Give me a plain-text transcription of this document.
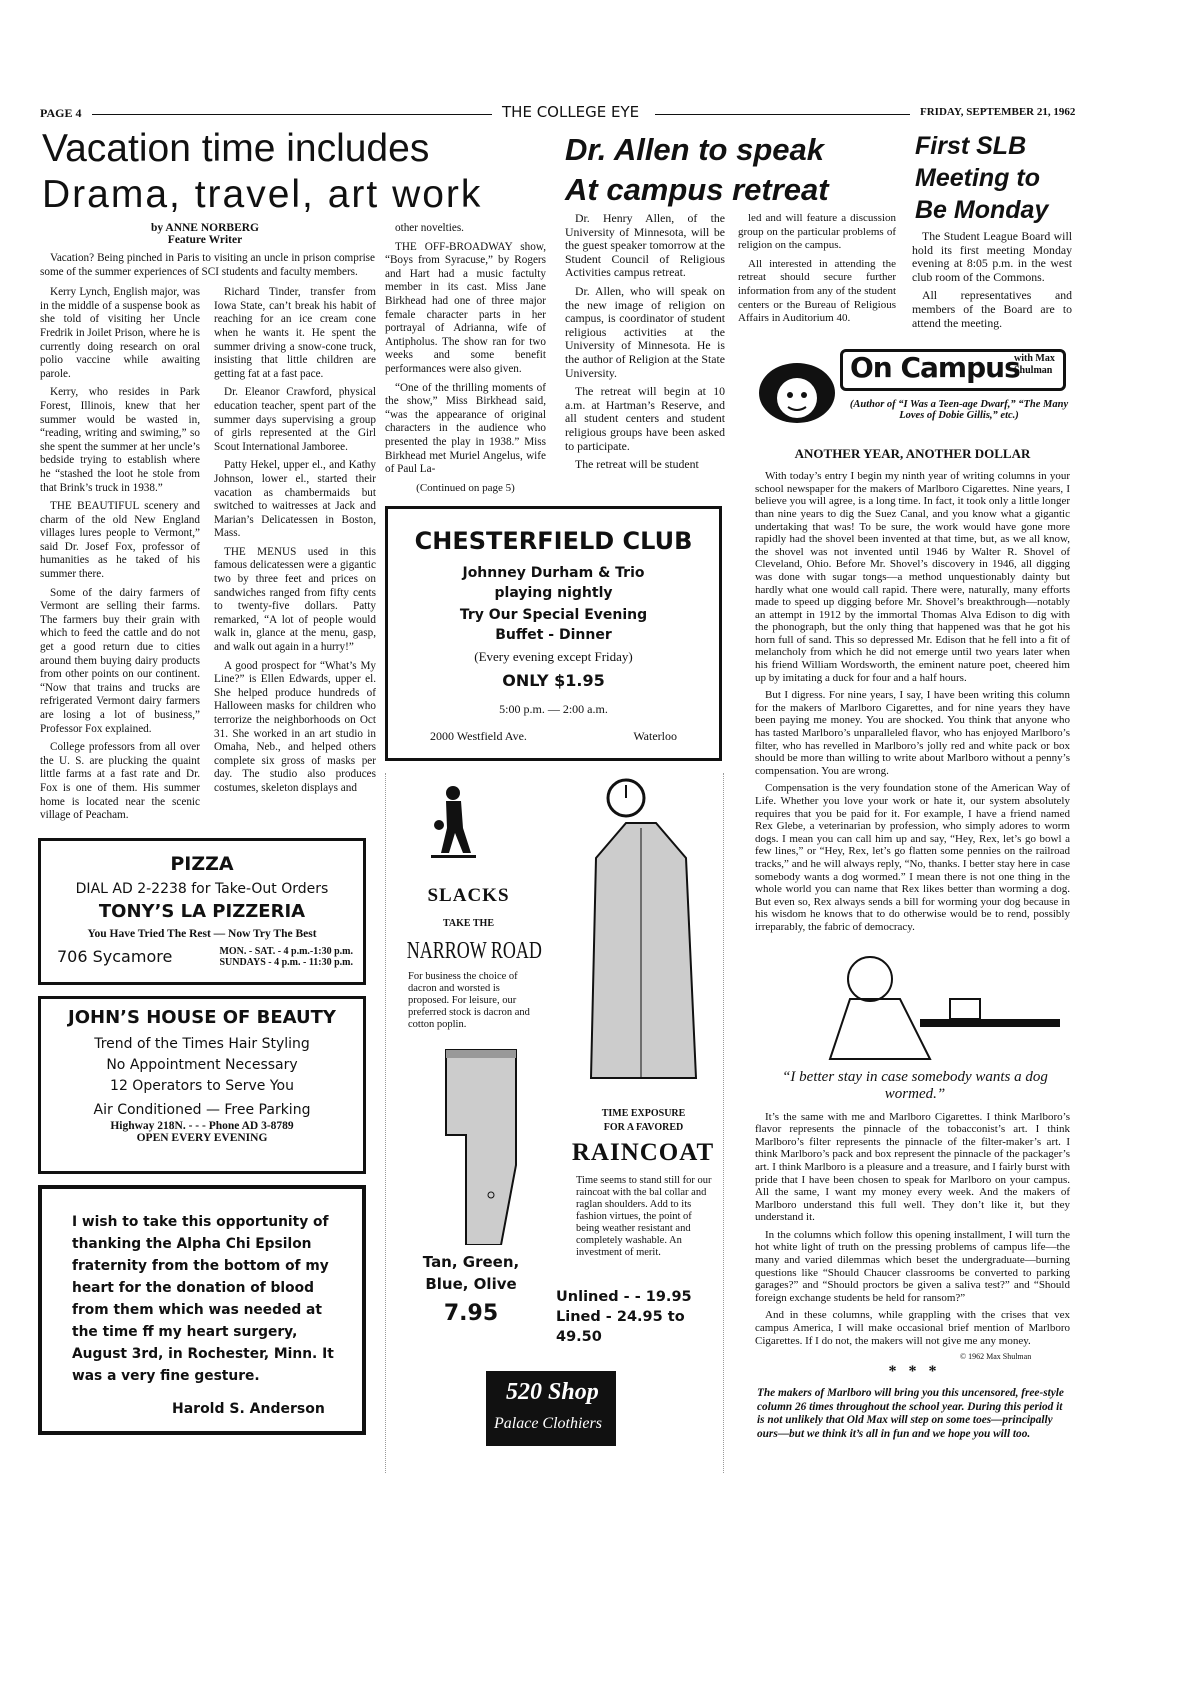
PAGE 4	THE COLLEGE EYE	FRIDAY, SEPTEMBER 21, 1962
Vacation time includes
Drama, travel, art work
Dr. Allen to speak
At campus retreat
First SLB
Meeting to
Be Monday
by ANNE NORBERG
Feature Writer

Vacation? Being pinched in Paris to visiting an uncle in prison comprise some of the summer experiences of SCI students and faculty members.

Kerry Lynch, English major, was in the middle of a suspense book as she told of visiting her Uncle Fredrik in Joilet Prison, where he is currently doing research on oral polio vaccine while awaiting parole.

Kerry, who resides in Park Forest, Illinois, knew that her summer would be wasted in, “reading, writing and swiming,” so she spent the summer at her uncle’s bedside trying to establish where he “stashed the loot he stole from that Brink’s truck in 1938.”

THE BEAUTIFUL scenery and charm of the old New England villages lures people to Vermont,” said Dr. Josef Fox, professor of humanities as he taked of his summer there.

Some of the dairy farmers of Vermont are selling their farms. The farmers buy their grain with which to feed the cattle and do not get a good return due to cities around them buying dairy products from other points on our continent. “Now that trains and trucks are refrigerated Vermont dairy farmers are losing a lot of business,” Professor Fox explained.

College professors from all over the U. S. are plucking the quaint little farms at a fast rate and Dr. Fox is one of them. His summer home is located near the scenic village of Peacham.

Richard Tinder, transfer from Iowa State, can’t break his habit of reaching for an ice cream cone when he wants it. He spent the summer driving a snow-cone truck, insisting that little children are getting fat at a fast pace.

Dr. Eleanor Crawford, physical education teacher, spent part of the summer days supervising a group of girls represented at the Girl Scout International Jamboree.

Patty Hekel, upper el., and Kathy Johnson, lower el., started their vacation as chambermaids but switched to waitresses at Jack and Marian’s Delicatessen in Boston, Mass.

THE MENUS used in this famous delicatessen were a gigantic two by three feet and prices on sandwiches ranged from fifty cents to twenty-five dollars. Patty remarked, “A lot of people would walk in, glance at the menu, gasp, and walk out again in a hurry!”

A good prospect for “What’s My Line?” is Ellen Edwards, upper el. She helped produce hundreds of Halloween masks for children who terrorize the neighborhoods on Oct 31. She worked in an art studio in Omaha, Neb., and helped others complete six gross of masks per day. The studio also produces costumes, skeleton displays and

PIZZA
DIAL AD 2-2238 for Take-Out Orders
TONY’S LA PIZZERIA
You Have Tried The Rest — Now Try The Best
706 Sycamore	MON. - SAT. - 4 p.m.-1:30 p.m.
SUNDAYS - 4 p.m. - 11:30 p.m.
JOHN’S HOUSE OF BEAUTY
Trend of the Times Hair Styling
No Appointment Necessary
12 Operators to Serve You
Air Conditioned — Free Parking
Highway 218N. - - - Phone AD 3-8789
OPEN EVERY EVENING
I wish to take this opportunity of thanking the Alpha Chi Epsilon fraternity from the bottom of my heart for the donation of blood from them which was needed at the time ff my heart surgery, August 3rd, in Rochester, Minn. It was a very fine gesture.
Harold S. Anderson

other novelties.

THE OFF-BROADWAY show, “Boys from Syracuse,” by Rogers and Hart had a music factulty member in its cast. Miss Jane Birkhead had one of three major female character parts in her portrayal of Adrianna, wife of Antipholus. The show ran for two weeks and some benefit performances were also given.

“One of the thrilling moments of the show,” Miss Birkhead said, “was the appearance of original characters in the audience who presented the play in 1938.” Miss Birkhead met Muriel Angelus, wife of Paul La-

(Continued on page 5)

Dr. Henry Allen, of the University of Minnesota, will be the guest speaker tomorrow at the Student Council of Religious Activities campus retreat.

Dr. Allen, who will speak on the new image of religion on campus, is coordinator of student religious activities at the University of Minnesota. He is the author of Religion at the State University.

The retreat will begin at 10 a.m. at Hartman’s Reserve, and all student centers and student religious groups have been asked to participate.

The retreat will be student

CHESTERFIELD CLUB
Johnney Durham & Trio
playing nightly
Try Our Special Evening
Buffet - Dinner
(Every evening except Friday)
ONLY $1.95
5:00 p.m. — 2:00 a.m.
2000 Westfield Ave.	Waterloo
SLACKS
TAKE THE
NARROW ROAD
For business the choice of dacron and worsted is proposed. For leisure, our preferred stock is dacron and cotton poplin.
Tan, Green, Blue, Olive
7.95
TIME EXPOSURE
FOR A FAVORED
RAINCOAT
Time seems to stand still for our raincoat with the bal collar and raglan shoulders. Add to its fashion virtues, the point of being weather resistant and completely washable. An investment of merit.
Unlined - - 19.95
Lined - 24.95 to 49.50
520 Shop
Palace Clothiers

led and will feature a discussion group on the particular problems of religion on the campus.

All interested in attending the retreat should secure further information from any of the student centers or the Bureau of Religious Affairs in Auditorium 40.

The Student League Board will hold its first meeting Monday evening at 8:05 p.m. in the west club room of the Commons.

All representatives and members of the Board are to attend the meeting.

On Campus
with Max Shulman
(Author of “I Was a Teen-age Dwarf,” “The Many Loves of Dobie Gillis,” etc.)
ANOTHER YEAR, ANOTHER DOLLAR

With today’s entry I begin my ninth year of writing columns in your school newspaper for the makers of Marlboro Cigarettes. Nine years, I believe you will agree, is a long time. In fact, it took only a little longer than nine years to dig the Suez Canal, and you know what a gigantic undertaking that was! To be sure, the work would have gone more rapidly had the shovel been invented at that time, but, as we all know, the shovel was not invented until 1946 by Walter R. Shovel of Cleveland, Ohio. Before Mr. Shovel’s discovery in 1946, all digging was done with sugar tongs—a method unquestionably dainty but hardly what one would call rapid. There were, naturally, many efforts made to speed up digging before Mr. Shovel’s breakthrough—notably an attempt in 1912 by the immortal Thomas Alva Edison to dig with the phonograph, but the only thing that happened was that he got his horn full of sand. This so depressed Mr. Edison that he fell into a fit of melancholy from which he did not emerge until two years later when his friend William Wordsworth, the eminent nature poet, cheered him up by imitating a duck for four and a half hours.

But I digress. For nine years, I say, I have been writing this column for the makers of Marlboro Cigarettes, and for nine years they have been paying me money. You are shocked. You think that anyone who has tasted Marlboro’s unparalleled flavor, who has enjoyed Marlboro’s filter, who has revelled in Marlboro’s jolly red and white pack or box should be more than willing to write about Marlboro without a penny’s compensation. You are wrong.

Compensation is the very foundation stone of the American Way of Life. Whether you love your work or hate it, our system absolutely requires that you be paid for it. For example, I have a friend named Rex Glebe, a veterinarian by profession, who simply adores to worm dogs. I mean you can call him up and say, “Hey, Rex, let’s go bowl a few lines,” or “Hey, Rex, let’s go flatten some pennies on the railroad tracks,” and he will always reply, “No, thanks. I better stay here in case somebody wants a dog wormed.” I mean there is not one thing in the whole world you can name that Rex likes better than worming a dog. But even so, Rex always sends a bill for worming your dog because in his wisdom he knows that to do otherwise would be to rend, possibly irreparably, the fabric of democracy.

“I better stay in case somebody wants a dog wormed.”

It’s the same with me and Marlboro Cigarettes. I think Marlboro’s flavor represents the pinnacle of the tobacconist’s art. I think Marlboro’s filter represents the pinnacle of the filter-maker’s art. I think Marlboro’s pack and box represent the pinnacle of the packager’s art. I think Marlboro is a pleasure and a treasure, and I fairly burst with pride that I have been chosen to speak for Marlboro on your campus. All the same, I want my money every week. And the makers of Marlboro understand this full well. They don’t like it, but they understand it.

In the columns which follow this opening installment, I will turn the hot white light of truth on the pressing problems of campus life—the many and varied dilemmas which beset the undergraduate—burning questions like “Should Chaucer classrooms be converted to parking garages?” and “Should proctors be given a saliva test?” and “Should foreign exchange students be held for ransom?”

And in these columns, while grappling with the crises that vex campus America, I will make occasional brief mention of Marlboro Cigarettes. If I do not, the makers will not give me any money.

© 1962 Max Shulman
*   *   *
The makers of Marlboro will bring you this uncensored, free-style column 26 times throughout the school year. During this period it is not unlikely that Old Max will step on some toes—principally ours—but we think it’s all in fun and we hope you will too.
